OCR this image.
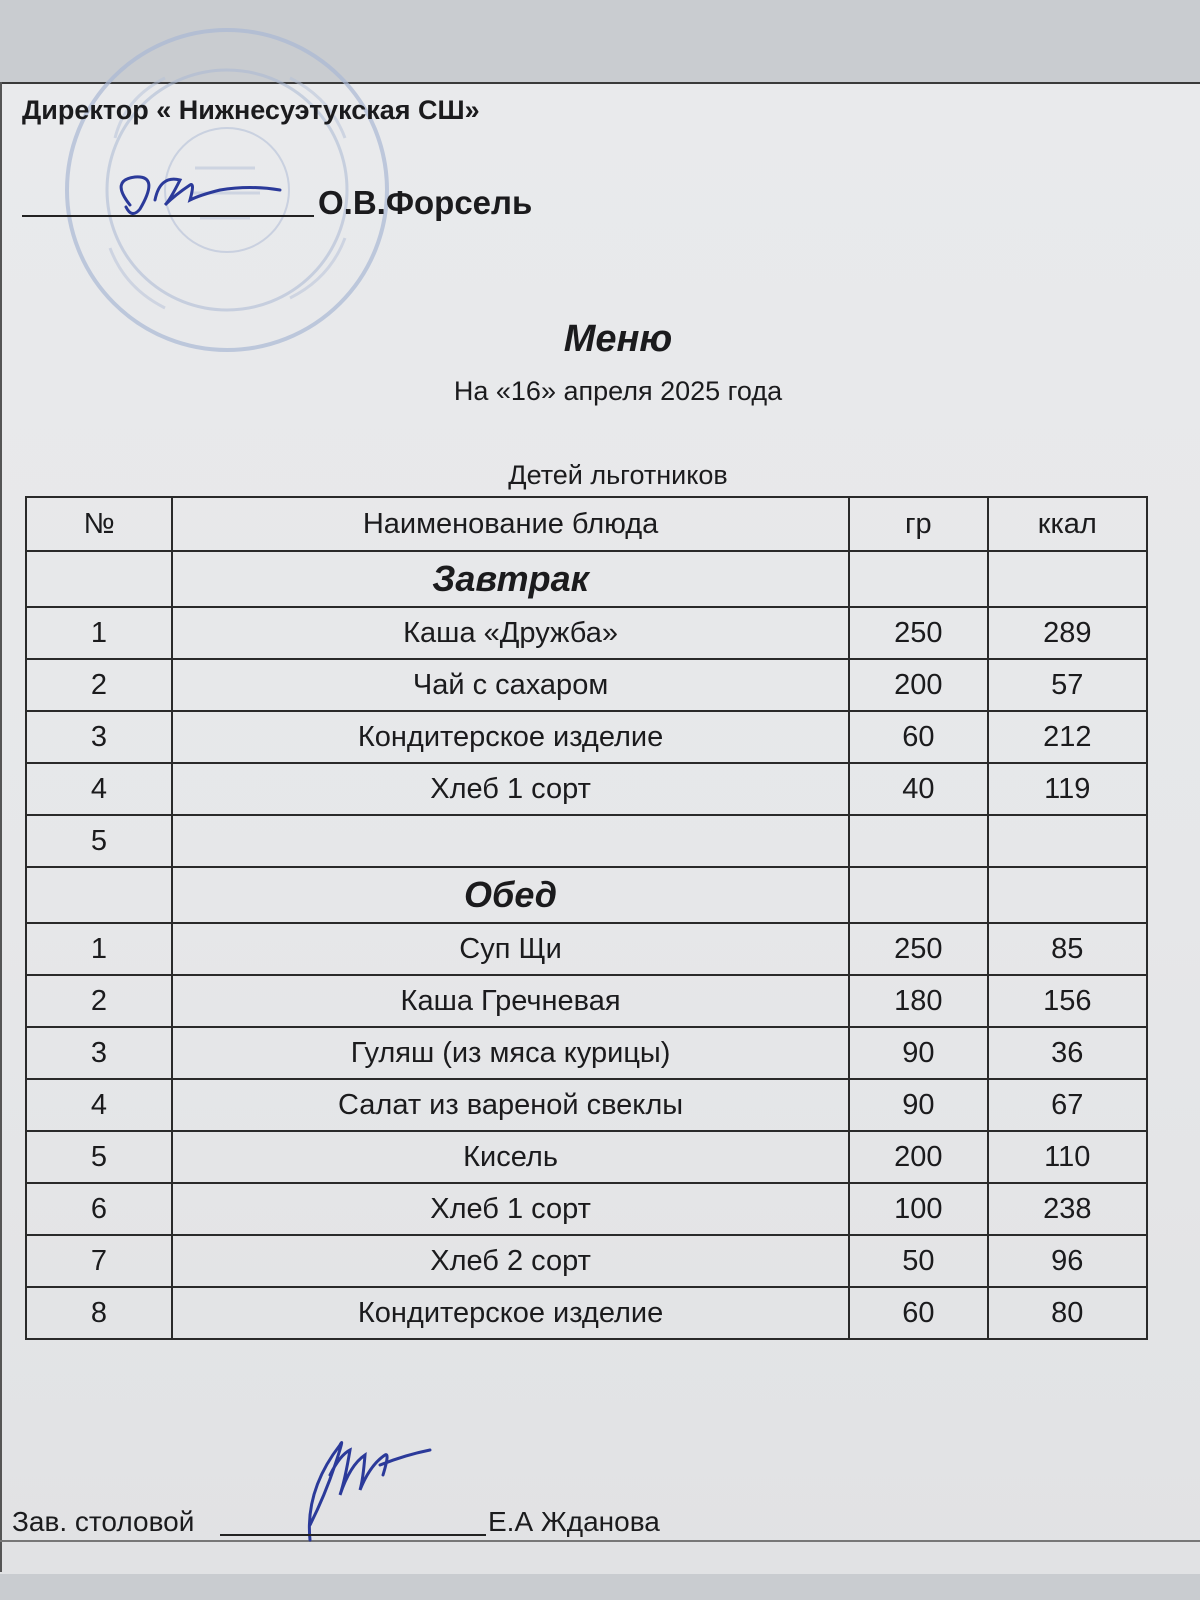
Директор « Нижнесуэтукская СШ»
О.В.Форсель
Меню
На «16» апреля 2025 года
Детей льготников
№	Наименование блюда	гр	ккал
	Завтрак		
1	Каша «Дружба»	250	289
2	Чай с сахаром	200	57
3	Кондитерское изделие	60	212
4	Хлеб 1 сорт	40	119
5			
	Обед		
1	Суп Щи	250	85
2	Каша Гречневая	180	156
3	Гуляш (из мяса курицы)	90	36
4	Салат из вареной свеклы	90	67
5	Кисель	200	110
6	Хлеб 1 сорт	100	238
7	Хлеб 2 сорт	50	96
8	Кондитерское изделие	60	80
Зав. столовой	Е.А Жданова
